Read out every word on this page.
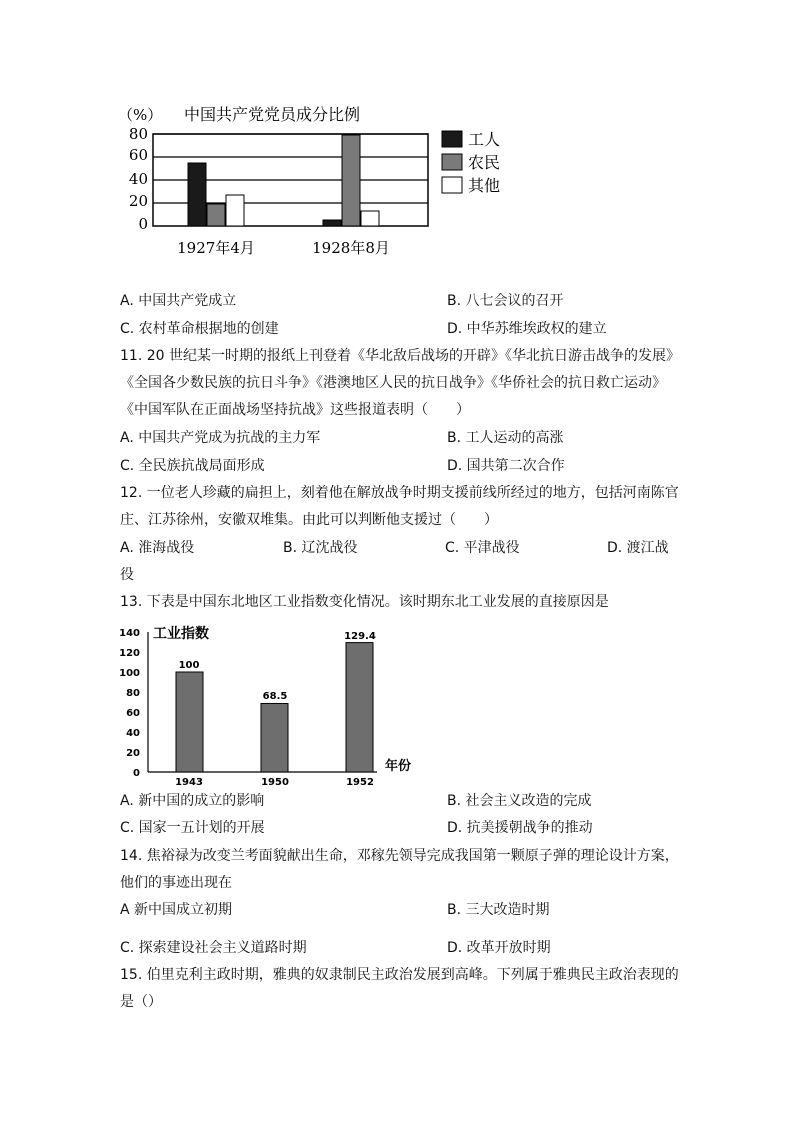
（%） 中国共产党党员成分比例
80
60
40
20
0
1927年4月	1928年8月
工人
农民
其他
A. 中国共产党成立	B. 八七会议的召开
C. 农村革命根据地的创建	D. 中华苏维埃政权的建立
11. 20 世纪某一时期的报纸上刊登着《华北敌后战场的开辟》《华北抗日游击战争的发展》
《全国各少数民族的抗日斗争》《港澳地区人民的抗日战争》《华侨社会的抗日救亡运动》
《中国军队在正面战场坚持抗战》这些报道表明（　　）
A. 中国共产党成为抗战的主力军	B. 工人运动的高涨
C. 全民族抗战局面形成	D. 国共第二次合作
12. 一位老人珍藏的扁担上，刻着他在解放战争时期支援前线所经过的地方，包括河南陈官
庄、江苏徐州，安徽双堆集。由此可以判断他支援过（　　）
A. 淮海战役	B. 辽沈战役	C. 平津战役	D. 渡江战
役
13. 下表是中国东北地区工业指数变化情况。该时期东北工业发展的直接原因是
工业指数
140
120
100
80
60
40
20
0
100
68.5
129.4
1943	1950	1952
年份
A. 新中国的成立的影响	B. 社会主义改造的完成
C. 国家一五计划的开展	D. 抗美援朝战争的推动
14. 焦裕禄为改变兰考面貌献出生命，邓稼先领导完成我国第一颗原子弹的理论设计方案，
他们的事迹出现在
A 新中国成立初期	B. 三大改造时期
C. 探索建设社会主义道路时期	D. 改革开放时期
15. 伯里克利主政时期，雅典的奴隶制民主政治发展到高峰。下列属于雅典民主政治表现的
是（）
